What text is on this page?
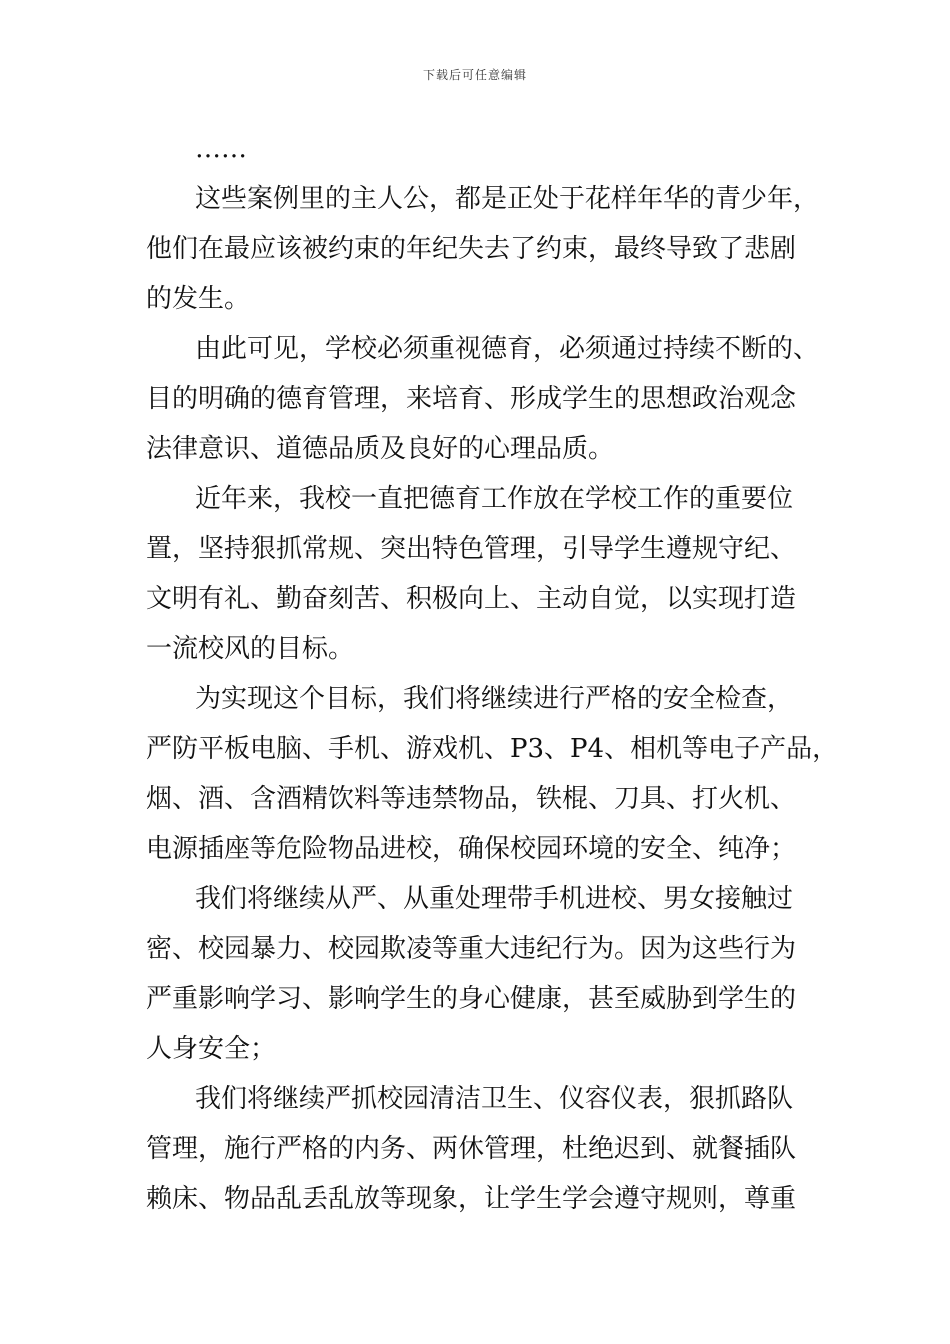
下载后可任意编辑
……
这些案例里的主人公，都是正处于花样年华的青少年，
他们在最应该被约束的年纪失去了约束，最终导致了悲剧
的发生。
由此可见，学校必须重视德育，必须通过持续不断的、
目的明确的德育管理，来培育、形成学生的思想政治观念
法律意识、道德品质及良好的心理品质。
近年来，我校一直把德育工作放在学校工作的重要位
置，坚持狠抓常规、突出特色管理，引导学生遵规守纪、
文明有礼、勤奋刻苦、积极向上、主动自觉，以实现打造
一流校风的目标。
为实现这个目标，我们将继续进行严格的安全检查，
严防平板电脑、手机、游戏机、P3、P4、相机等电子产品，
烟、酒、含酒精饮料等违禁物品，铁棍、刀具、打火机、
电源插座等危险物品进校，确保校园环境的安全、纯净；
我们将继续从严、从重处理带手机进校、男女接触过
密、校园暴力、校园欺凌等重大违纪行为。因为这些行为
严重影响学习、影响学生的身心健康，甚至威胁到学生的
人身安全；
我们将继续严抓校园清洁卫生、仪容仪表，狠抓路队
管理，施行严格的内务、两休管理，杜绝迟到、就餐插队
赖床、物品乱丢乱放等现象，让学生学会遵守规则，尊重
